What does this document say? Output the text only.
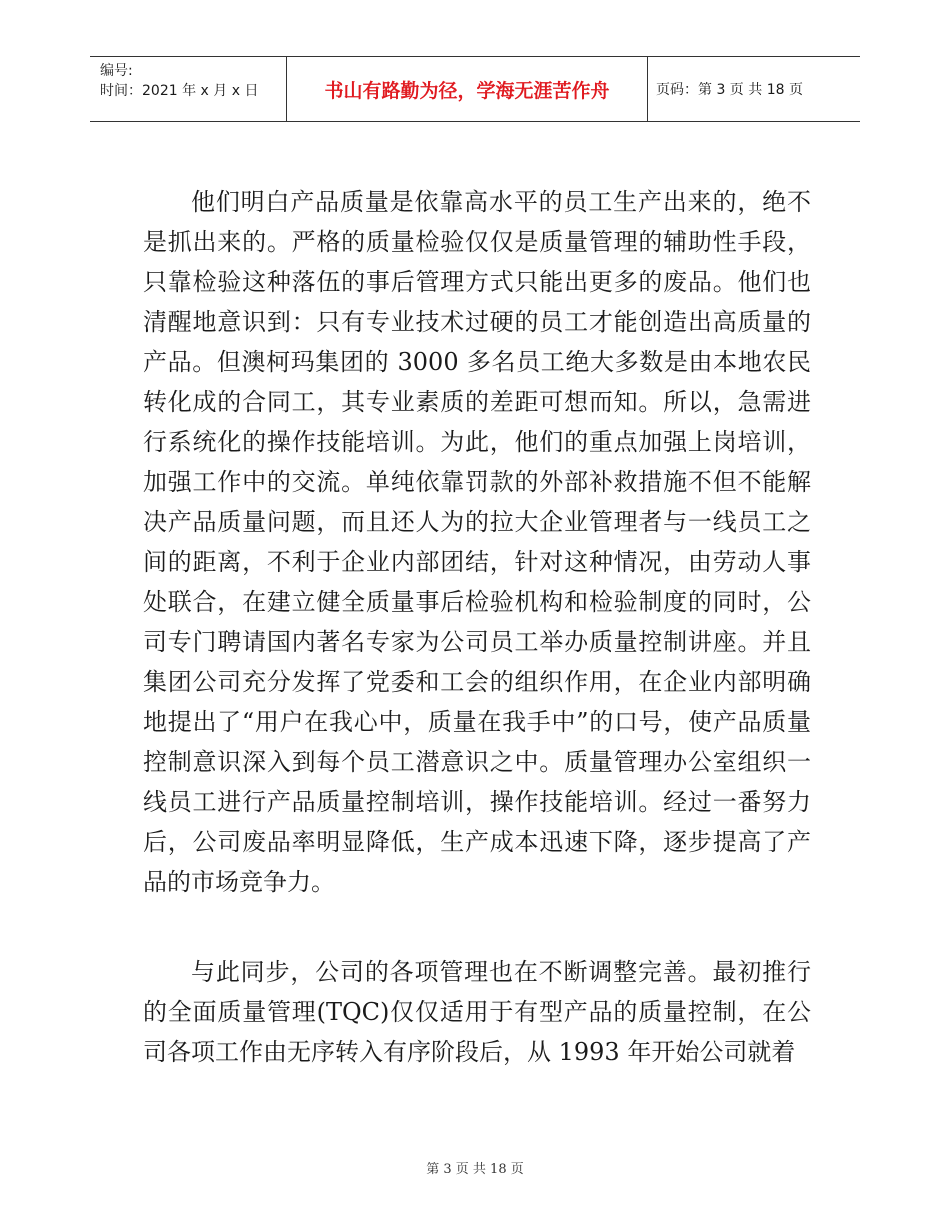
编号:
时间：2021 年 x 月 x 日	书山有路勤为径，学海无涯苦作舟	页码：第 3 页 共 18 页

他们明白产品质量是依靠高水平的员工生产出来的，绝不是抓出来的。严格的质量检验仅仅是质量管理的辅助性手段，只靠检验这种落伍的事后管理方式只能出更多的废品。他们也清醒地意识到：只有专业技术过硬的员工才能创造出高质量的产品。但澳柯玛集团的 3000 多名员工绝大多数是由本地农民转化成的合同工，其专业素质的差距可想而知。所以，急需进行系统化的操作技能培训。为此，他们的重点加强上岗培训，加强工作中的交流。单纯依靠罚款的外部补救措施不但不能解决产品质量问题，而且还人为的拉大企业管理者与一线员工之间的距离，不利于企业内部团结，针对这种情况，由劳动人事处联合，在建立健全质量事后检验机构和检验制度的同时，公司专门聘请国内著名专家为公司员工举办质量控制讲座。并且集团公司充分发挥了党委和工会的组织作用，在企业内部明确地提出了“用户在我心中，质量在我手中”的口号，使产品质量控制意识深入到每个员工潜意识之中。质量管理办公室组织一线员工进行产品质量控制培训，操作技能培训。经过一番努力后，公司废品率明显降低，生产成本迅速下降，逐步提高了产品的市场竞争力。

与此同步，公司的各项管理也在不断调整完善。最初推行的全面质量管理(TQC)仅仅适用于有型产品的质量控制，在公司各项工作由无序转入有序阶段后，从 1993 年开始公司就着

第 3 页 共 18 页
